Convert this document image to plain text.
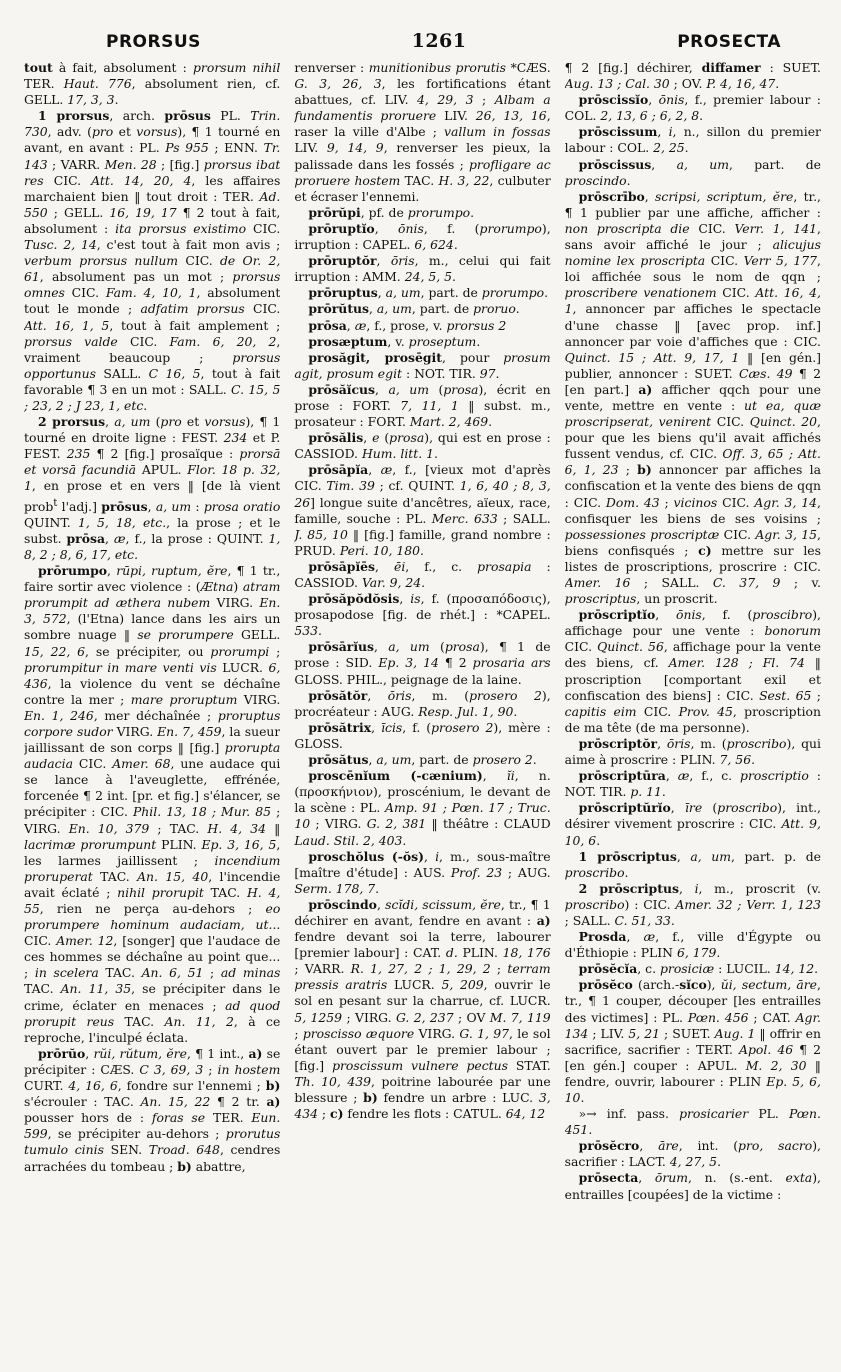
PRORSUS	1261	PROSECTA

tout à fait, absolument : prorsum nihil TER. Haut. 776, absolument rien, cf. GELL. 17, 3, 3.

1 prorsus, arch. prōsus PL. Trin. 730, adv. (pro et vorsus), ¶ 1 tourné en avant, en avant : PL. Ps 955 ; ENN. Tr. 143 ; VARR. Men. 28 ; [fig.] prorsus ibat res CIC. Att. 14, 20, 4, les affaires marchaient bien ‖ tout droit : TER. Ad. 550 ; GELL. 16, 19, 17 ¶ 2 tout à fait, absolument : ita prorsus existimo CIC. Tusc. 2, 14, c'est tout à fait mon avis ; verbum prorsus nullum CIC. de Or. 2, 61, absolument pas un mot ; prorsus omnes CIC. Fam. 4, 10, 1, absolument tout le monde ; adfatim prorsus CIC. Att. 16, 1, 5, tout à fait amplement ; prorsus valde CIC. Fam. 6, 20, 2, vraiment beaucoup ; prorsus opportunus SALL. C 16, 5, tout à fait favorable ¶ 3 en un mot : SALL. C. 15, 5 ; 23, 2 ; J 23, 1, etc.

2 prorsus, a, um (pro et vorsus), ¶ 1 tourné en droite ligne : FEST. 234 et P. FEST. 235 ¶ 2 [fig.] prosaïque : prorsā et vorsā facundiā APUL. Flor. 18 p. 32, 1, en prose et en vers ‖ [de là vient prob$^t$ l'adj.] prōsus, a, um : prosa oratio QUINT. 1, 5, 18, etc., la prose ; et le subst. prōsa, æ, f., la prose : QUINT. 1, 8, 2 ; 8, 6, 17, etc.

prōrumpo, rūpi, ruptum, ĕre, ¶ 1 tr., faire sortir avec violence : (Ætna) atram prorumpit ad æthera nubem VIRG. En. 3, 572, (l'Etna) lance dans les airs un sombre nuage ‖ se prorumpere GELL. 15, 22, 6, se précipiter, ou prorumpi ; prorumpitur in mare venti vis LUCR. 6, 436, la violence du vent se déchaîne contre la mer ; mare proruptum VIRG. En. 1, 246, mer déchaînée ; proruptus corpore sudor VIRG. En. 7, 459, la sueur jaillissant de son corps ‖ [fig.] prorupta audacia CIC. Amer. 68, une audace qui se lance à l'aveuglette, effrénée, forcenée ¶ 2 int. [pr. et fig.] s'élancer, se précipiter : CIC. Phil. 13, 18 ; Mur. 85 ; VIRG. En. 10, 379 ; TAC. H. 4, 34 ‖ lacrimæ prorumpunt PLIN. Ep. 3, 16, 5, les larmes jaillissent ; incendium proruperat TAC. An. 15, 40, l'incendie avait éclaté ; nihil prorupit TAC. H. 4, 55, rien ne perça au-dehors ; eo prorumpere hominum audaciam, ut... CIC. Amer. 12, [songer] que l'audace de ces hommes se déchaîne au point que... ; in scelera TAC. An. 6, 51 ; ad minas TAC. An. 11, 35, se précipiter dans le crime, éclater en menaces ; ad quod prorupit reus TAC. An. 11, 2, à ce reproche, l'inculpé éclata.

prōrŭo, rŭi, rŭtum, ĕre, ¶ 1 int., a) se précipiter : CÆS. C 3, 69, 3 ; in hostem CURT. 4, 16, 6, fondre sur l'ennemi ; b) s'écrouler : TAC. An. 15, 22 ¶ 2 tr. a) pousser hors de : foras se TER. Eun. 599, se précipiter au-dehors ; prorutus tumulo cinis SEN. Troad. 648, cendres arrachées du tombeau ; b) abattre,

renverser : munitionibus prorutis *CÆS. G. 3, 26, 3, les fortifications étant abattues, cf. LIV. 4, 29, 3 ; Albam a fundamentis proruere LIV. 26, 13, 16, raser la ville d'Albe ; vallum in fossas LIV. 9, 14, 9, renverser les pieux, la palissade dans les fossés ; profligare ac proruere hostem TAC. H. 3, 22, culbuter et écraser l'ennemi.

prōrŭpi, pf. de prorumpo.

prōruptĭo, ōnis, f. (prorumpo), irruption : CAPEL. 6, 624.

prōruptŏr, ōris, m., celui qui fait irruption : AMM. 24, 5, 5.

prōruptus, a, um, part. de prorumpo.

prōrŭtus, a, um, part. de proruo.

prōsa, æ, f., prose, v. prorsus 2

prosæptum, v. proseptum.

prosăgit, prosēgit, pour prosum agit, prosum egit : NOT. TIR. 97.

prōsăĭcus, a, um (prosa), écrit en prose : FORT. 7, 11, 1 ‖ subst. m., prosateur : FORT. Mart. 2, 469.

prōsălis, e (prosa), qui est en prose : CASSIOD. Hum. litt. 1.

prōsāpĭa, æ, f., [vieux mot d'après CIC. Tim. 39 ; cf. QUINT. 1, 6, 40 ; 8, 3, 26] longue suite d'ancêtres, aïeux, race, famille, souche : PL. Merc. 633 ; SALL. J. 85, 10 ‖ [fig.] famille, grand nombre : PRUD. Peri. 10, 180.

prōsāpĭēs, ēi, f., c. prosapia : CASSIOD. Var. 9, 24.

prōsăpŏdŏsis, is, f. (προσαπόδοσις), prosapodose [fig. de rhét.] : *CAPEL. 533.

prōsārĭus, a, um (prosa), ¶ 1 de prose : SID. Ep. 3, 14 ¶ 2 prosaria ars GLOSS. PHIL., peignage de la laine.

prōsătŏr, ōris, m. (prosero 2), procréateur : AUG. Resp. Jul. 1, 90.

prōsătrix, īcis, f. (prosero 2), mère : GLOSS.

prōsătus, a, um, part. de prosero 2.

proscēnĭum (-cænium), ĭi, n. (προσκήνιον), proscénium, le devant de la scène : PL. Amp. 91 ; Pœn. 17 ; Truc. 10 ; VIRG. G. 2, 381 ‖ théâtre : CLAUD Laud. Stil. 2, 403.

proschŏlus (-ŏs), i, m., sous-maître [maître d'étude] : AUS. Prof. 23 ; AUG. Serm. 178, 7.

prōscindo, scĭdi, scissum, ĕre, tr., ¶ 1 déchirer en avant, fendre en avant : a) fendre devant soi la terre, labourer [premier labour] : CAT. d. PLIN. 18, 176 ; VARR. R. 1, 27, 2 ; 1, 29, 2 ; terram pressis aratris LUCR. 5, 209, ouvrir le sol en pesant sur la charrue, cf. LUCR. 5, 1259 ; VIRG. G. 2, 237 ; OV M. 7, 119 ; proscisso æquore VIRG. G. 1, 97, le sol étant ouvert par le premier labour ; [fig.] proscissum vulnere pectus STAT. Th. 10, 439, poitrine labourée par une blessure ; b) fendre un arbre : LUC. 3, 434 ; c) fendre les flots : CATUL. 64, 12

¶ 2 [fig.] déchirer, diffamer : SUET. Aug. 13 ; Cal. 30 ; OV. P. 4, 16, 47.

prōscissĭo, ōnis, f., premier labour : COL. 2, 13, 6 ; 6, 2, 8.

prōscissum, i, n., sillon du premier labour : COL. 2, 25.

prōscissus, a, um, part. de proscindo.

prōscrībo, scripsi, scriptum, ĕre, tr., ¶ 1 publier par une affiche, afficher : non proscripta die CIC. Verr. 1, 141, sans avoir affiché le jour ; alicujus nomine lex proscripta CIC. Verr 5, 177, loi affichée sous le nom de qqn ; proscribere venationem CIC. Att. 16, 4, 1, annoncer par affiches le spectacle d'une chasse ‖ [avec prop. inf.] annoncer par voie d'affiches que : CIC. Quinct. 15 ; Att. 9, 17, 1 ‖ [en gén.] publier, annoncer : SUET. Cæs. 49 ¶ 2 [en part.] a) afficher qqch pour une vente, mettre en vente : ut ea, quæ proscripserat, venirent CIC. Quinct. 20, pour que les biens qu'il avait affichés fussent vendus, cf. CIC. Off. 3, 65 ; Att. 6, 1, 23 ; b) annoncer par affiches la confiscation et la vente des biens de qqn : CIC. Dom. 43 ; vicinos CIC. Agr. 3, 14, confisquer les biens de ses voisins ; possessiones proscriptæ CIC. Agr. 3, 15, biens confisqués ; c) mettre sur les listes de proscriptions, proscrire : CIC. Amer. 16 ; SALL. C. 37, 9 ; v. proscriptus, un proscrit.

prōscriptĭo, ōnis, f. (proscibro), affichage pour une vente : bonorum CIC. Quinct. 56, affichage pour la vente des biens, cf. Amer. 128 ; Fl. 74 ‖ proscription [comportant exil et confiscation des biens] : CIC. Sest. 65 ; capitis eim CIC. Prov. 45, proscription de ma tête (de ma personne).

prōscriptŏr, ōris, m. (proscribo), qui aime à proscrire : PLIN. 7, 56.

prōscriptūra, æ, f., c. proscriptio : NOT. TIR. p. 11.

prōscriptŭrĭo, īre (proscribo), int., désirer vivement proscrire : CIC. Att. 9, 10, 6.

1 prōscriptus, a, um, part. p. de proscribo.

2 prōscriptus, i, m., proscrit (v. proscribo) : CIC. Amer. 32 ; Verr. 1, 123 ; SALL. C. 51, 33.

Prosda, æ, f., ville d'Égypte ou d'Éthiopie : PLIN 6, 179.

prōsĕcĭa, c. prosiciæ : LUCIL. 14, 12.

prōsĕco (arch.-sĭco), ŭi, sectum, āre, tr., ¶ 1 couper, découper [les entrailles des victimes] : PL. Pœn. 456 ; CAT. Agr. 134 ; LIV. 5, 21 ; SUET. Aug. 1 ‖ offrir en sacrifice, sacrifier : TERT. Apol. 46 ¶ 2 [en gén.] couper : APUL. M. 2, 30 ‖ fendre, ouvrir, labourer : PLIN Ep. 5, 6, 10.

»→ inf. pass. prosicarier PL. Pœn. 451.

prōsĕcro, āre, int. (pro, sacro), sacrifier : LACT. 4, 27, 5.

prōsecta, ōrum, n. (s.-ent. exta), entrailles [coupées] de la victime :
